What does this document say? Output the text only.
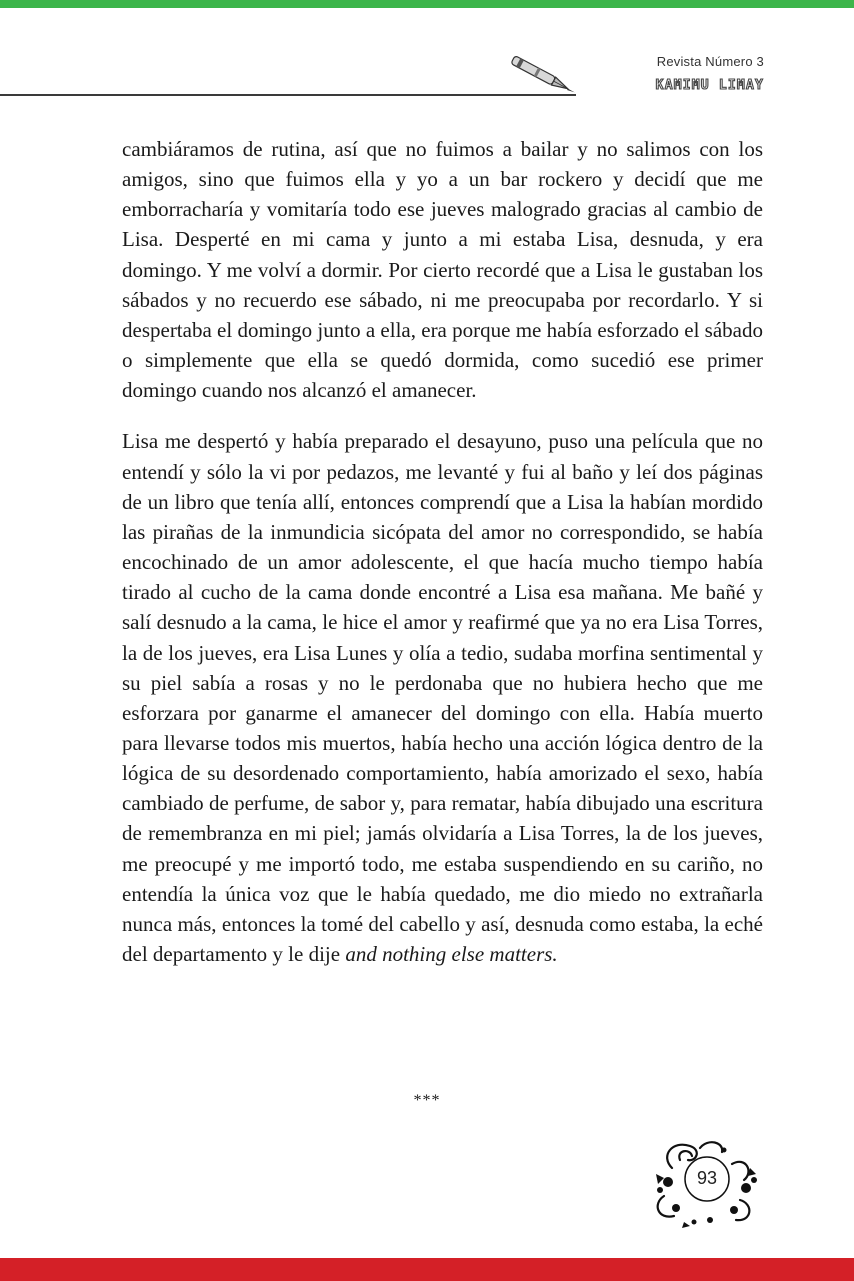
Revista Número 3
KAMIMU LIMAY

cambiáramos de rutina, así que no fuimos a bailar y no salimos con los amigos, sino que fuimos ella y yo a un bar rockero y decidí que me emborracharía y vomitaría todo ese jueves malogrado gracias al cambio de Lisa. Desperté en mi cama y junto a mi estaba Lisa, desnuda, y era domingo. Y me volví a dormir. Por cierto recordé que a Lisa le gustaban los sábados y no recuerdo ese sábado, ni me preocupaba por recordarlo. Y si despertaba el domingo junto a ella, era porque me había esforzado el sábado o simplemente que ella se quedó dormida, como sucedió ese primer domingo cuando nos alcanzó el amanecer.

Lisa me despertó y había preparado el desayuno, puso una película que no entendí y sólo la vi por pedazos, me levanté y fui al baño y leí dos páginas de un libro que tenía allí, entonces comprendí que a Lisa la habían mordido las pirañas de la inmundicia sicópata del amor no correspondido, se había encochinado de un amor adolescente, el que hacía mucho tiempo había tirado al cucho de la cama donde encontré a Lisa esa mañana. Me bañé y salí desnudo a la cama, le hice el amor y reafirmé que ya no era Lisa Torres, la de los jueves, era Lisa Lunes y olía a tedio, sudaba morfina sentimental y su piel sabía a rosas y no le perdonaba que no hubiera hecho que me esforzara por ganarme el amanecer del domingo con ella. Había muerto para llevarse todos mis muertos, había hecho una acción lógica dentro de la lógica de su desordenado comportamiento, había amorizado el sexo, había cambiado de perfume, de sabor y, para rematar, había dibujado una escritura de remembranza en mi piel; jamás olvidaría a Lisa Torres, la de los jueves, me preocupé y me importó todo, me estaba suspendiendo en su cariño, no entendía la única voz que le había quedado, me dio miedo no extrañarla nunca más, entonces la tomé del cabello y así, desnuda como estaba, la eché del departamento y le dije and nothing else matters.

***
93
